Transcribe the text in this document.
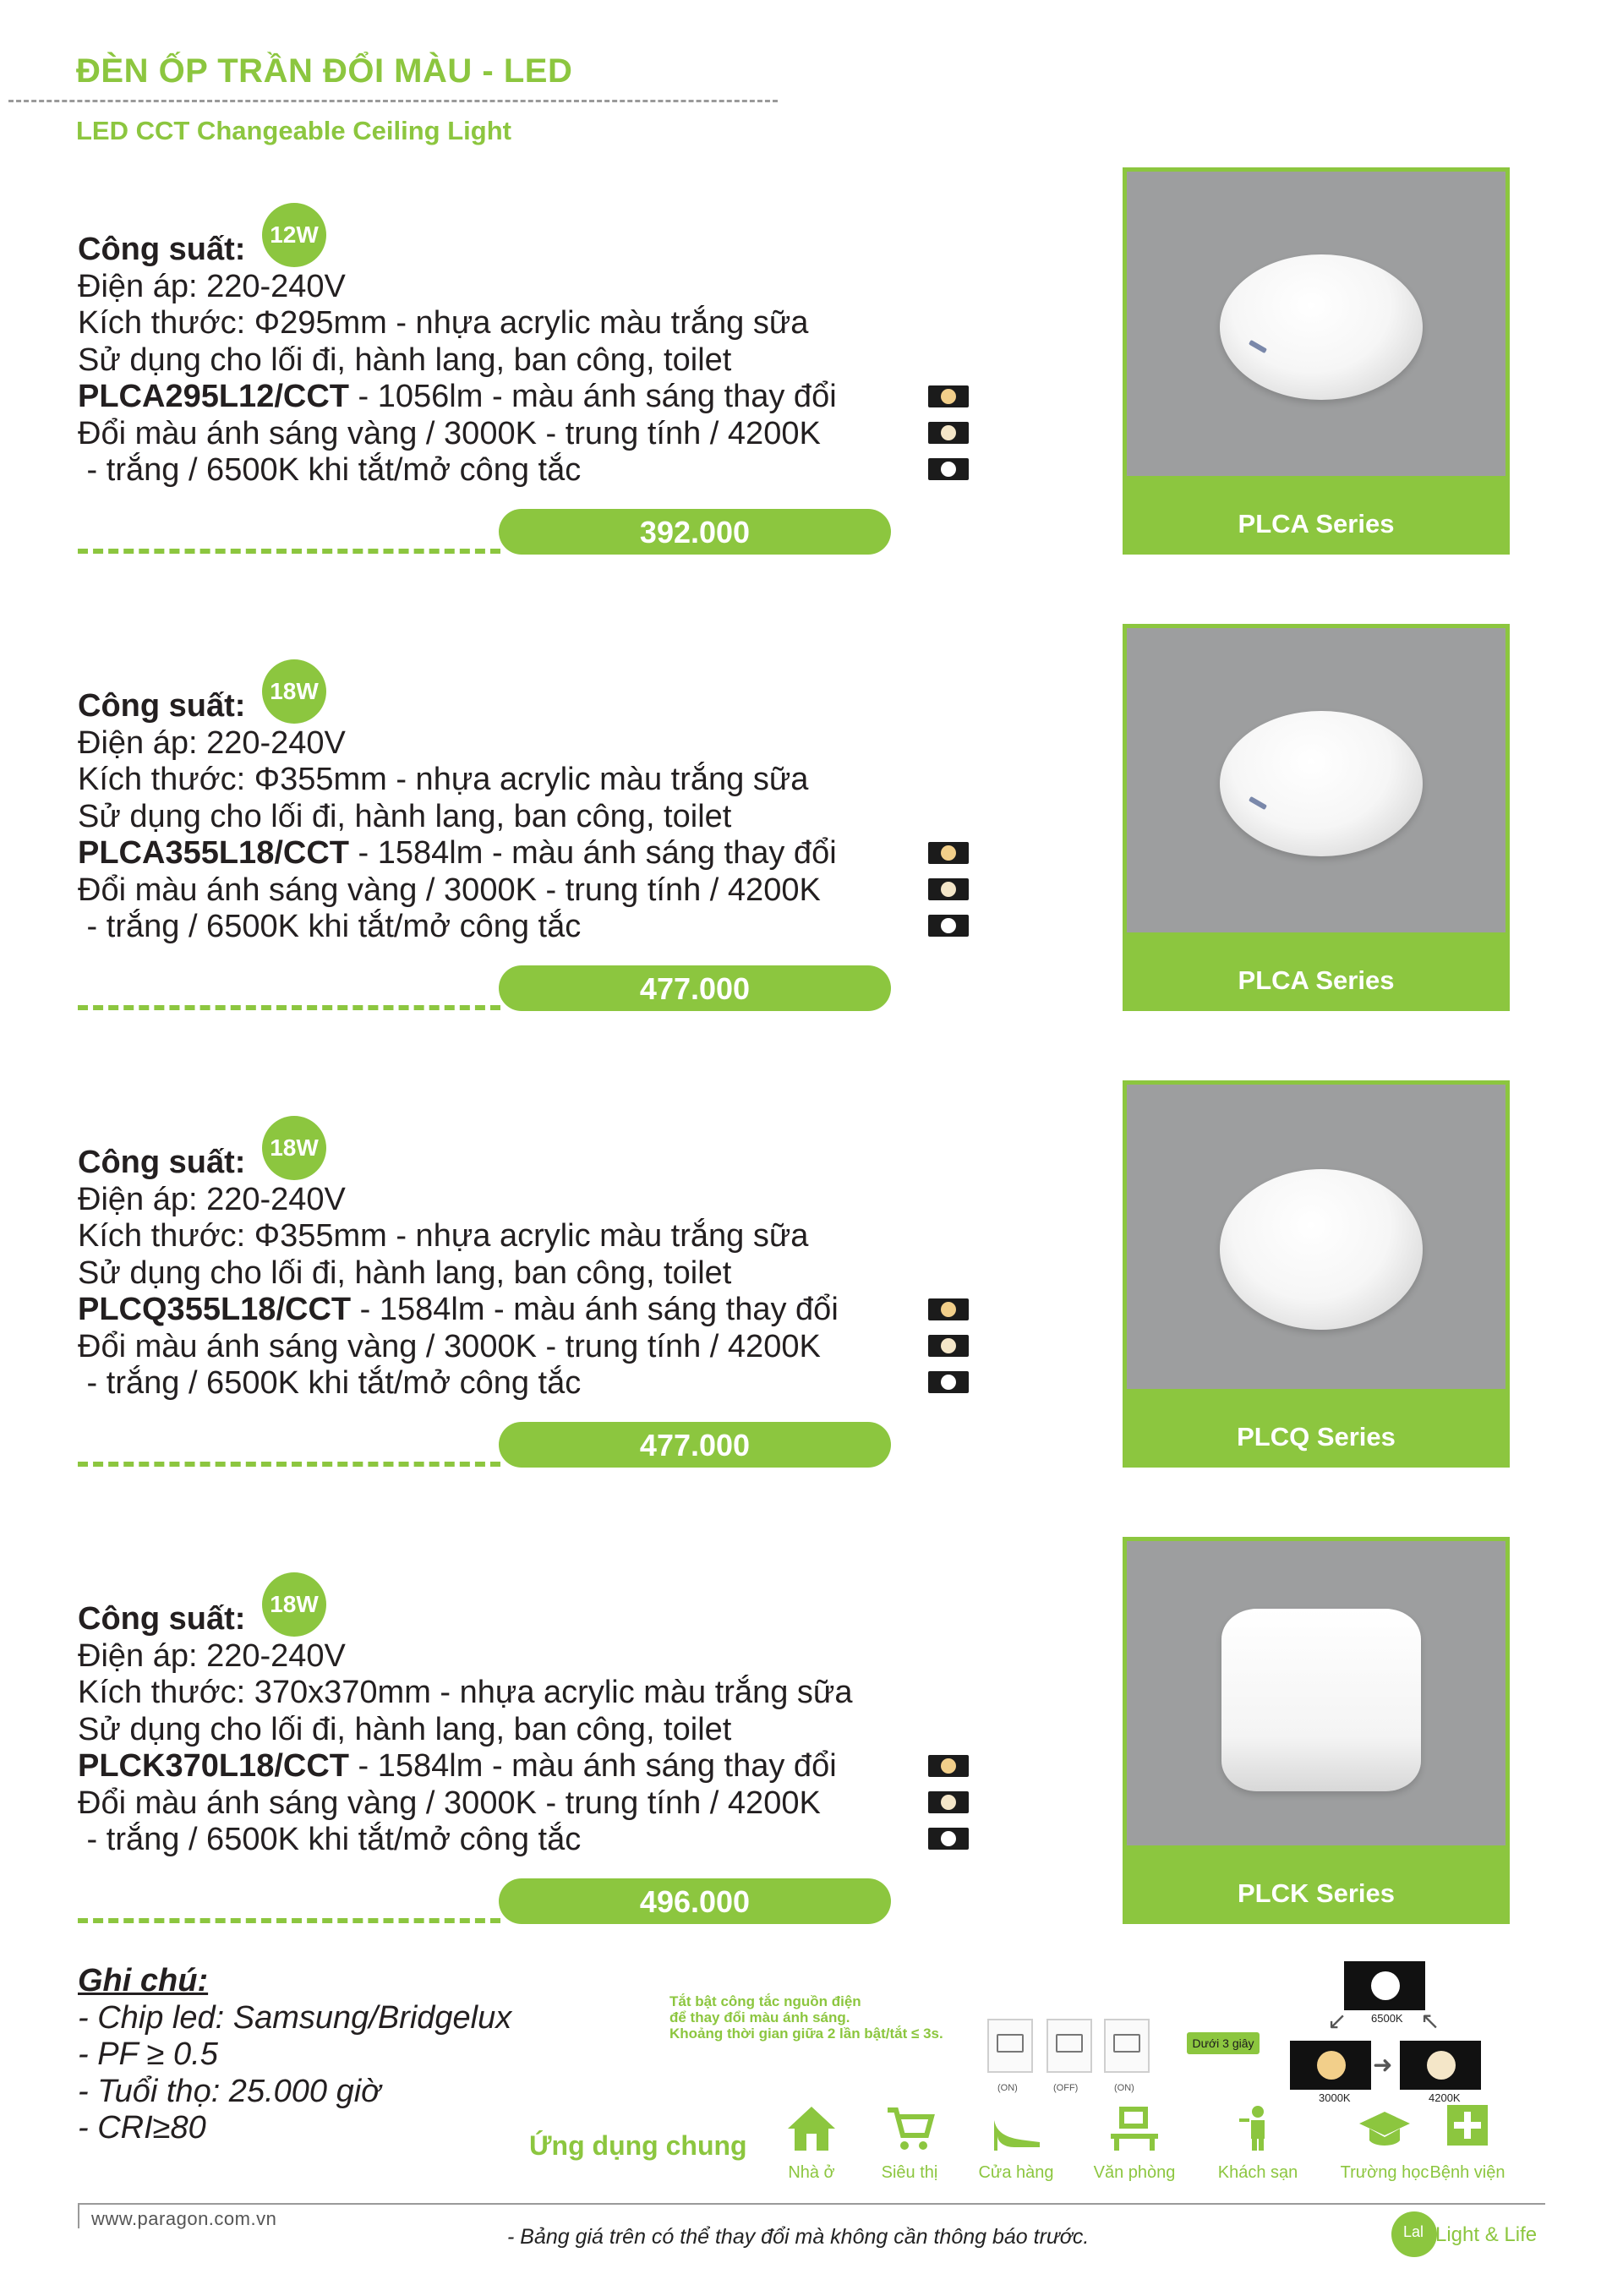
ĐÈN ỐP TRẦN ĐỔI MÀU - LED
LED CCT Changeable Ceiling Light
12W
Công suất:
Điện áp: 220-240V
Kích thước: Φ295mm - nhựa acrylic màu trắng sữa
Sử dụng cho lối đi, hành lang, ban công, toilet
PLCA295L12/CCT - 1056lm - màu ánh sáng thay đổi
Đổi màu ánh sáng vàng / 3000K - trung tính / 4200K
- trắng / 6500K khi tắt/mở công tắc
392.000	PLCA Series
18W
Công suất:
Điện áp: 220-240V
Kích thước: Φ355mm - nhựa acrylic màu trắng sữa
Sử dụng cho lối đi, hành lang, ban công, toilet
PLCA355L18/CCT - 1584lm - màu ánh sáng thay đổi
Đổi màu ánh sáng vàng / 3000K - trung tính / 4200K
- trắng / 6500K khi tắt/mở công tắc
477.000	PLCA Series
18W
Công suất:
Điện áp: 220-240V
Kích thước: Φ355mm - nhựa acrylic màu trắng sữa
Sử dụng cho lối đi, hành lang, ban công, toilet
PLCQ355L18/CCT - 1584lm - màu ánh sáng thay đổi
Đổi màu ánh sáng vàng / 3000K - trung tính / 4200K
- trắng / 6500K khi tắt/mở công tắc
477.000	PLCQ Series
18W
Công suất:
Điện áp: 220-240V
Kích thước: 370x370mm - nhựa acrylic màu trắng sữa
Sử dụng cho lối đi, hành lang, ban công, toilet
PLCK370L18/CCT - 1584lm - màu ánh sáng thay đổi
Đổi màu ánh sáng vàng / 3000K - trung tính / 4200K
- trắng / 6500K khi tắt/mở công tắc
496.000	PLCK Series
Ghi chú:
- Chip led: Samsung/Bridgelux
- PF ≥ 0.5
- Tuổi thọ: 25.000 giờ
- CRI≥80
Tắt bật công tắc nguồn điện
để thay đổi màu ánh sáng.
Khoảng thời gian giữa 2 lần bật/tắt ≤ 3s.
(ON)	(OFF)	(ON)
Dưới 3 giây
6500K
3000K	4200K
➜
↙	↖
Ứng dụng chung
Nhà ở	Siêu thị	Cửa hàng	Văn phòng	Khách sạn	Trường học Bệnh viện
www.paragon.com.vn
- Bảng giá trên có thể thay đổi mà không cần thông báo trước.	Lal Light & Life
